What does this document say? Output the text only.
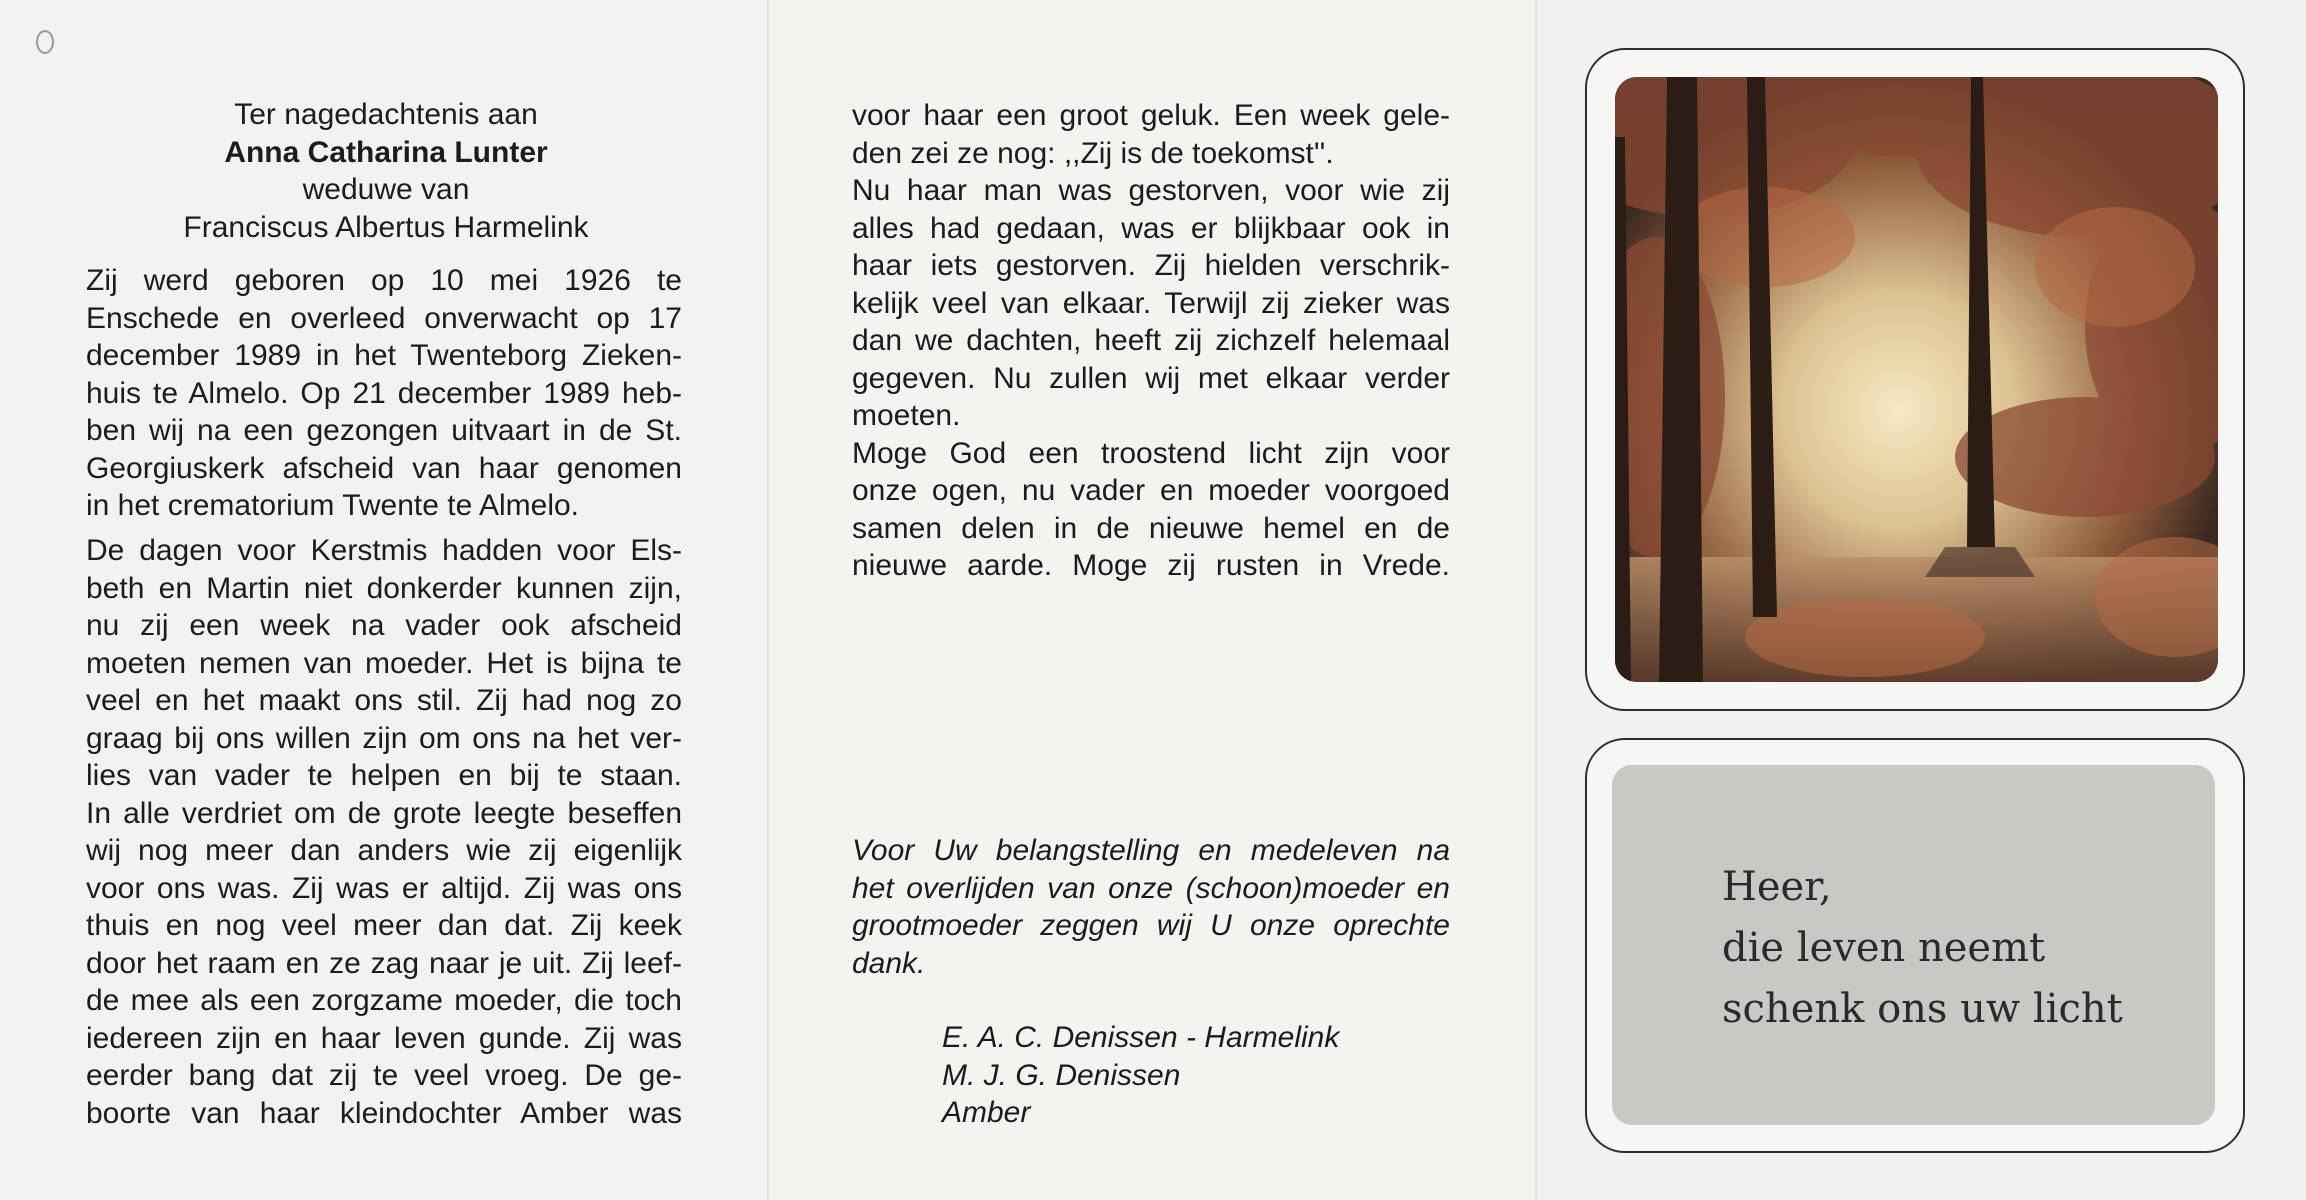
Ter nagedachtenis aan
Anna Catharina Lunter
weduwe van
Franciscus Albertus Harmelink
Zij werd geboren op 10 mei 1926 te
Enschede en overleed onverwacht op 17
december 1989 in het Twenteborg Zieken-
huis te Almelo. Op 21 december 1989 heb-
ben wij na een gezongen uitvaart in de St.
Georgiuskerk afscheid van haar genomen
in het crematorium Twente te Almelo.
De dagen voor Kerstmis hadden voor Els-
beth en Martin niet donkerder kunnen zijn,
nu zij een week na vader ook afscheid
moeten nemen van moeder. Het is bijna te
veel en het maakt ons stil. Zij had nog zo
graag bij ons willen zijn om ons na het ver-
lies van vader te helpen en bij te staan.
In alle verdriet om de grote leegte beseffen
wij nog meer dan anders wie zij eigenlijk
voor ons was. Zij was er altijd. Zij was ons
thuis en nog veel meer dan dat. Zij keek
door het raam en ze zag naar je uit. Zij leef-
de mee als een zorgzame moeder, die toch
iedereen zijn en haar leven gunde. Zij was
eerder bang dat zij te veel vroeg. De ge-
boorte van haar kleindochter Amber was
voor haar een groot geluk. Een week gele-
den zei ze nog: ,,Zij is de toekomst''.
Nu haar man was gestorven, voor wie zij
alles had gedaan, was er blijkbaar ook in
haar iets gestorven. Zij hielden verschrik-
kelijk veel van elkaar. Terwijl zij zieker was
dan we dachten, heeft zij zichzelf helemaal
gegeven. Nu zullen wij met elkaar verder
moeten.
Moge God een troostend licht zijn voor
onze ogen, nu vader en moeder voorgoed
samen delen in de nieuwe hemel en de
nieuwe aarde. Moge zij rusten in Vrede.
Voor Uw belangstelling en medeleven na
het overlijden van onze (schoon)moeder en
grootmoeder zeggen wij U onze oprechte
dank.
E. A. C. Denissen - Harmelink
M. J. G. Denissen
Amber
Heer,
die leven neemt
schenk ons uw licht
